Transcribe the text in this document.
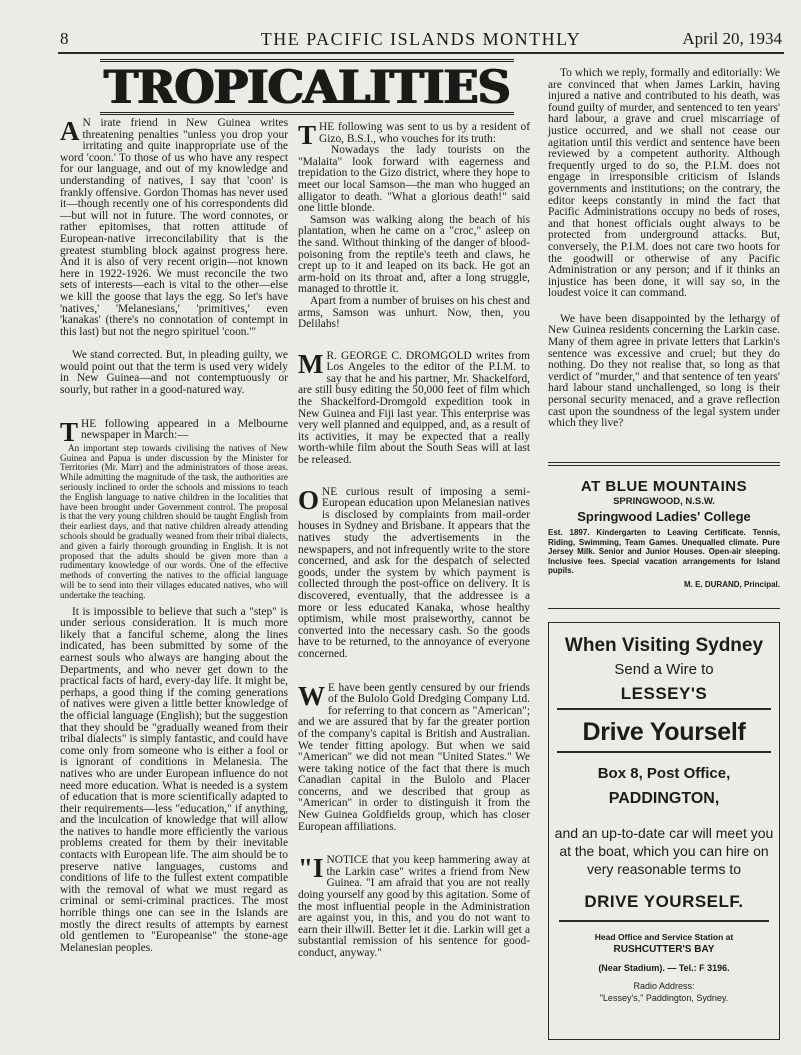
8	THE PACIFIC ISLANDS MONTHLY	April 20, 1934
TROPICALITIES

A N irate friend in New Guinea writes threatening penalties "unless you drop your irritating and quite inappropriate use of the word 'coon.' To those of us who have any respect for our language, and out of my knowledge and understanding of natives, I say that 'coon' is frankly offensive. Gordon Thomas has never used it—though recently one of his correspondents did—but will not in future. The word connotes, or rather epitomises, that rotten attitude of European-native irreconcilability that is the greatest stumbling block against progress here. And it is also of very recent origin—not known here in 1922-1926. We must reconcile the two sets of interests—each is vital to the other—else we kill the goose that lays the egg. So let's have 'natives,' 'Melanesians,' 'primitives,' even 'kanakas' (there's no connotation of contempt in this last) but not the negro spirituel 'coon.'"

We stand corrected. But, in pleading guilty, we would point out that the term is used very widely in New Guinea—and not contemptuously or sourly, but rather in a good-natured way.

THE following appeared in a Melbourne newspaper in March:—

An important step towards civilising the natives of New Guinea and Papua is under discussion by the Minister for Territories (Mr. Marr) and the administrators of those areas. While admitting the magnitude of the task, the authorities are seriously inclined to order the schools and missions to teach the English language to native children in the localities that have been brought under Government control. The proposal is that the very young children should be taught English from their earliest days, and that native children already attending schools should be gradually weaned from their tribal dialects, and given a fairly thorough grounding in English. It is not proposed that the adults should be given more than a rudimentary knowledge of our words. One of the effective methods of converting the natives to the official language will be to send into their villages educated natives, who will undertake the teaching.

It is impossible to believe that such a "step" is under serious consideration. It is much more likely that a fanciful scheme, along the lines indicated, has been submitted by some of the earnest souls who always are hanging about the Departments, and who never get down to the practical facts of hard, every-day life. It might be, perhaps, a good thing if the coming generations of natives were given a little better knowledge of the official language (English); but the suggestion that they should be "gradually weaned from their tribal dialects" is simply fantastic, and could have come only from someone who is either a fool or is ignorant of conditions in Melanesia. The natives who are under European influence do not need more education. What is needed is a system of education that is more scientifically adapted to their requirements—less "education," if anything, and the inculcation of knowledge that will allow the natives to handle more efficiently the various problems created for them by their inevitable contacts with European life. The aim should be to preserve native languages, customs and conditions of life to the fullest extent compatible with the removal of what we must regard as criminal or semi-criminal practices. The most horrible things one can see in the Islands are mostly the direct results of attempts by earnest old gentlemen to "Europeanise" the stone-age Melanesian peoples.

THE following was sent to us by a resident of Gizo, B.S.I., who vouches for its truth:

Nowadays the lady tourists on the "Malaita" look forward with eagerness and trepidation to the Gizo district, where they hope to meet our local Samson—the man who hugged an alligator to death. "What a glorious death!" said one little blonde.

Samson was walking along the beach of his plantation, when he came on a "croc," asleep on the sand. Without thinking of the danger of blood-poisoning from the reptile's teeth and claws, he crept up to it and leaped on its back. He got an arm-hold on its throat and, after a long struggle, managed to throttle it.

Apart from a number of bruises on his chest and arms, Samson was unhurt. Now, then, you Delilahs!

M R. GEORGE C. DROMGOLD writes from Los Angeles to the editor of the P.I.M. to say that he and his partner, Mr. Shackelford, are still busy editing the 50,000 feet of film which the Shackelford-Dromgold expedition took in New Guinea and Fiji last year. This enterprise was very well planned and equipped, and, as a result of its activities, it may be expected that a really worth-while film about the South Seas will at last be released.

ONE curious result of imposing a semi-European education upon Melanesian natives is disclosed by complaints from mail-order houses in Sydney and Brisbane. It appears that the natives study the advertisements in the newspapers, and not infrequently write to the store concerned, and ask for the despatch of selected goods, under the system by which payment is collected through the post-office on delivery. It is discovered, eventually, that the addressee is a more or less educated Kanaka, whose healthy optimism, while most praiseworthy, cannot be converted into the necessary cash. So the goods have to be returned, to the annoyance of everyone concerned.

W E have been gently censured by our friends of the Bulolo Gold Dredging Company Ltd. for referring to that concern as "American"; and we are assured that by far the greater portion of the company's capital is British and Australian. We tender fitting apology. But when we said "American" we did not mean "United States." We were taking notice of the fact that there is much Canadian capital in the Bulolo and Placer concerns, and we described that group as "American" in order to distinguish it from the New Guinea Goldfields group, which has closer European affiliations.

"INOTICE that you keep hammering away at the Larkin case" writes a friend from New Guinea. "I am afraid that you are not really doing yourself any good by this agitation. Some of the most influential people in the Administration are against you, in this, and you do not want to earn their illwill. Better let it die. Larkin will get a substantial remission of his sentence for good-conduct, anyway."

To which we reply, formally and editorially: We are convinced that when James Larkin, having injured a native and contributed to his death, was found guilty of murder, and sentenced to ten years' hard labour, a grave and cruel miscarriage of justice occurred, and we shall not cease our agitation until this verdict and sentence have been reviewed by a competent authority. Although frequently urged to do so, the P.I.M. does not engage in irresponsible criticism of Islands governments and institutions; on the contrary, the editor keeps constantly in mind the fact that Pacific Administrations occupy no beds of roses, and that honest officials ought always to be protected from underground attacks. But, conversely, the P.I.M. does not care two hoots for the goodwill or otherwise of any Pacific Administration or any person; and if it thinks an injustice has been done, it will say so, in the loudest voice it can command.

We have been disappointed by the lethargy of New Guinea residents concerning the Larkin case. Many of them agree in private letters that Larkin's sentence was excessive and cruel; but they do nothing. Do they not realise that, so long as that verdict of "murder," and that sentence of ten years' hard labour stand unchallenged, so long is their personal security menaced, and a grave reflection cast upon the soundness of the legal system under which they live?

AT BLUE MOUNTAINS
SPRINGWOOD, N.S.W.
Springwood Ladies' College
Est. 1897. Kindergarten to Leaving Certificate. Tennis, Riding, Swimming, Team Games. Unequalled climate. Pure Jersey Milk. Senior and Junior Houses. Open-air sleeping. Inclusive fees. Special vacation arrangements for Island pupils.
M. E. DURAND, Principal.
When Visiting Sydney
Send a Wire to
LESSEY'S
Drive Yourself
Box 8, Post Office,
PADDINGTON,
and an up-to-date car will meet you at the boat, which you can hire on very reasonable terms to
DRIVE YOURSELF.
Head Office and Service Station at
RUSHCUTTER'S BAY
(Near Stadium). — Tel.: F 3196.
Radio Address:
"Lessey's," Paddington, Sydney.
